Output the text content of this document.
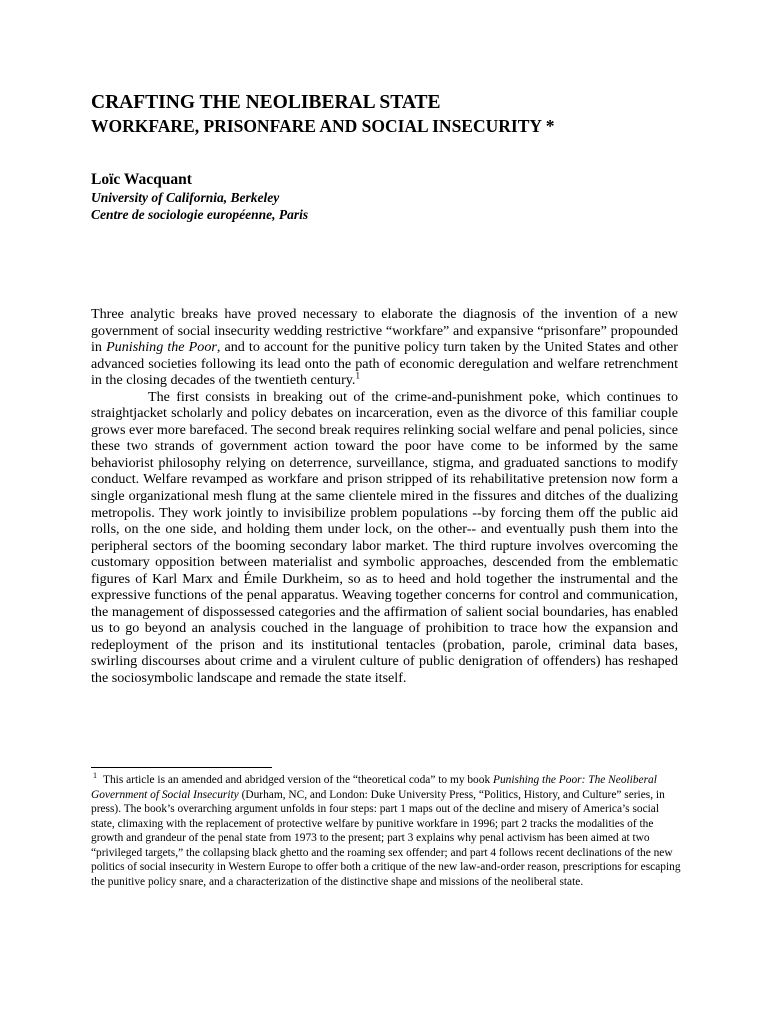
CRAFTING THE NEOLIBERAL STATE
WORKFARE, PRISONFARE AND SOCIAL INSECURITY *
Loïc Wacquant
University of California, Berkeley
Centre de sociologie européenne, Paris

Three analytic breaks have proved necessary to elaborate the diagnosis of the invention of a new government of social insecurity wedding restrictive “workfare” and expansive “prisonfare” propounded in Punishing the Poor, and to account for the punitive policy turn taken by the United States and other advanced societies following its lead onto the path of economic deregulation and welfare retrenchment in the closing decades of the twentieth century.$^1$

The first consists in breaking out of the crime-and-punishment poke, which continues to straightjacket scholarly and policy debates on incarceration, even as the divorce of this familiar couple grows ever more barefaced. The second break requires relinking social welfare and penal policies, since these two strands of government action toward the poor have come to be informed by the same behaviorist philosophy relying on deterrence, surveillance, stigma, and graduated sanctions to modify conduct. Welfare revamped as workfare and prison stripped of its rehabilitative pretension now form a single organizational mesh flung at the same clientele mired in the fissures and ditches of the dualizing metropolis. They work jointly to invisibilize problem populations --by forcing them off the public aid rolls, on the one side, and holding them under lock, on the other-- and eventually push them into the peripheral sectors of the booming secondary labor market. The third rupture involves overcoming the customary opposition between materialist and symbolic approaches, descended from the emblematic figures of Karl Marx and Émile Durkheim, so as to heed and hold together the instrumental and the expressive functions of the penal apparatus. Weaving together concerns for control and communication, the management of dispossessed categories and the affirmation of salient social boundaries, has enabled us to go beyond an analysis couched in the language of prohibition to trace how the expansion and redeployment of the prison and its institutional tentacles (probation, parole, criminal data bases, swirling discourses about crime and a virulent culture of public denigration of offenders) has reshaped the sociosymbolic landscape and remade the state itself.

$^1$ This article is an amended and abridged version of the “theoretical coda” to my book Punishing the Poor: The Neoliberal Government of Social Insecurity (Durham, NC, and London: Duke University Press, “Politics, History, and Culture” series, in press). The book’s overarching argument unfolds in four steps: part 1 maps out of the decline and misery of America’s social state, climaxing with the replacement of protective welfare by punitive workfare in 1996; part 2 tracks the modalities of the growth and grandeur of the penal state from 1973 to the present; part 3 explains why penal activism has been aimed at two “privileged targets,” the collapsing black ghetto and the roaming sex offender; and part 4 follows recent declinations of the new politics of social insecurity in Western Europe to offer both a critique of the new law-and-order reason, prescriptions for escaping the punitive policy snare, and a characterization of the distinctive shape and missions of the neoliberal state.
